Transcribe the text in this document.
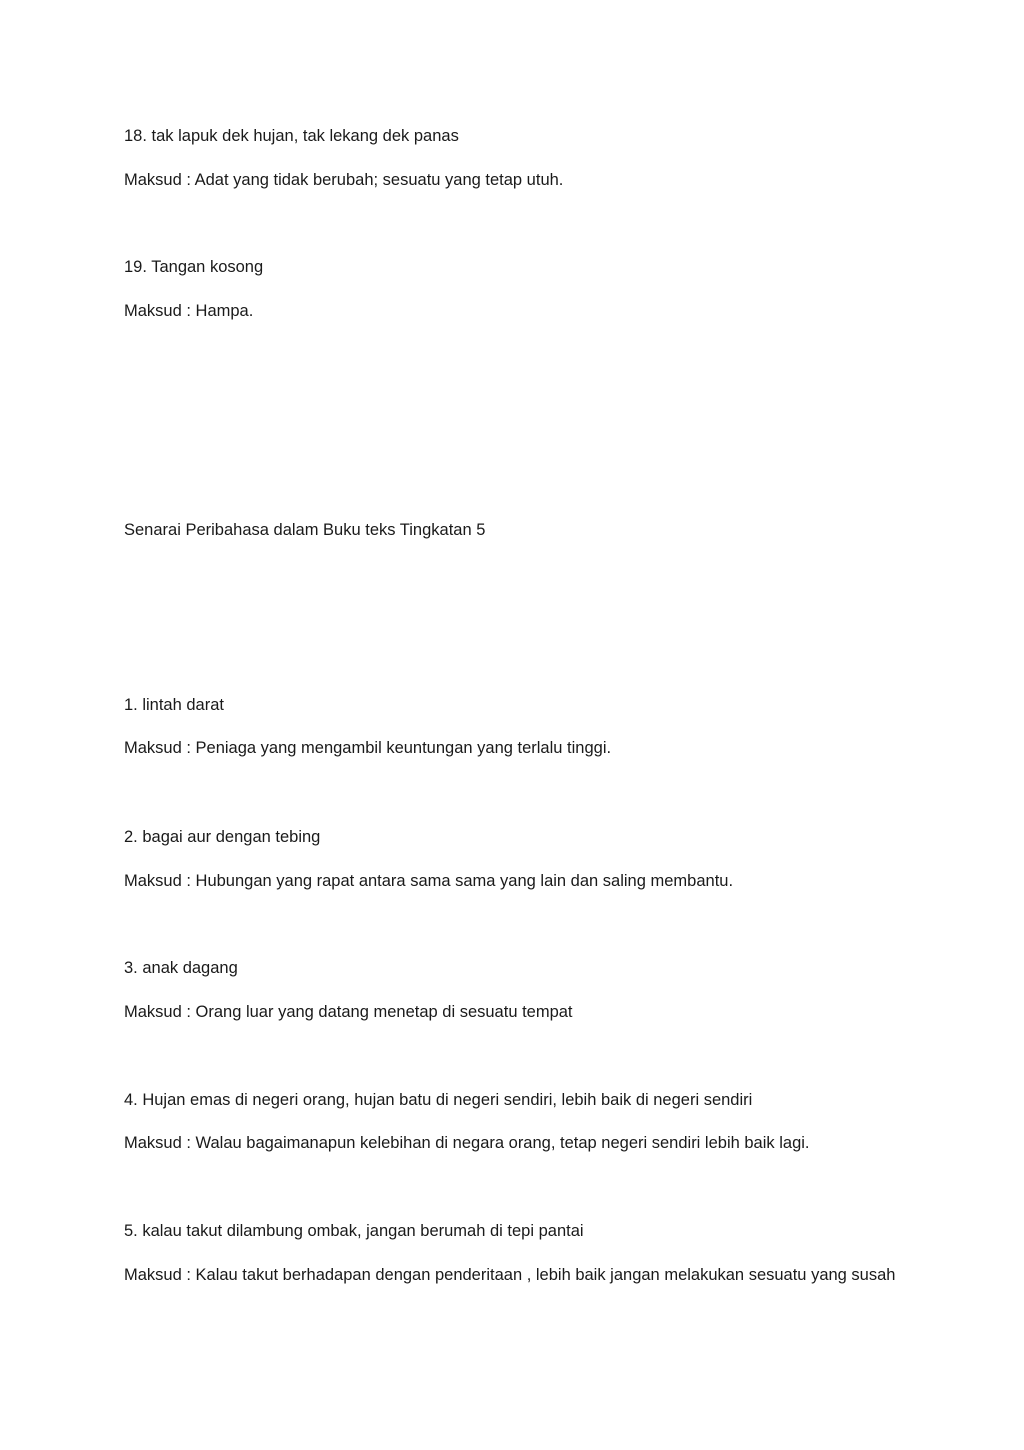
18. tak lapuk dek hujan, tak lekang dek panas
Maksud : Adat yang tidak berubah; sesuatu yang tetap utuh.
19. Tangan kosong
Maksud : Hampa.
Senarai Peribahasa dalam Buku teks Tingkatan 5
1. lintah darat
Maksud : Peniaga yang mengambil keuntungan yang terlalu tinggi.
2. bagai aur dengan tebing
Maksud : Hubungan yang rapat antara sama sama yang lain dan saling membantu.
3. anak dagang
Maksud : Orang luar yang datang menetap di sesuatu tempat
4. Hujan emas di negeri orang, hujan batu di negeri sendiri, lebih baik di negeri sendiri
Maksud : Walau bagaimanapun kelebihan di negara orang, tetap negeri sendiri lebih baik lagi.
5. kalau takut dilambung ombak, jangan berumah di tepi pantai
Maksud : Kalau takut berhadapan dengan penderitaan , lebih baik jangan melakukan sesuatu yang susah
